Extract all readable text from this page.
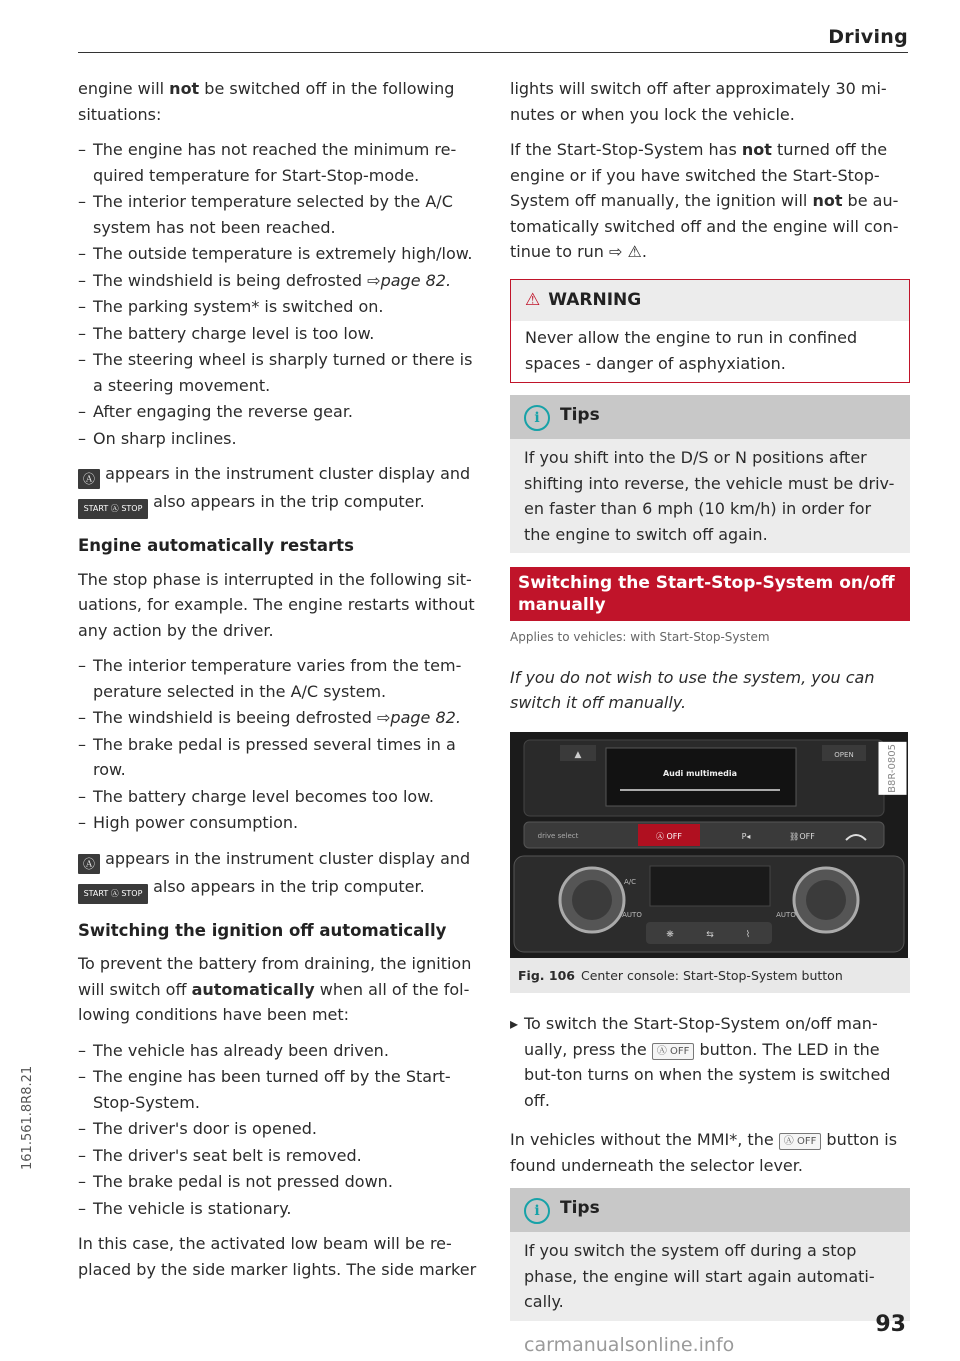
Driving

engine will not be switched off in the following situations:

– The engine has not reached the minimum re-quired temperature for Start-Stop-mode.
– The interior temperature selected by the A/C system has not been reached.
– The outside temperature is extremely high/low.
– The windshield is being defrosted ⇨page 82.
– The parking system* is switched on.
– The battery charge level is too low.
– The steering wheel is sharply turned or there is a steering movement.
– After engaging the reverse gear.
– On sharp inclines.

Ⓐ appears in the instrument cluster display and
START Ⓐ STOP also appears in the trip computer.

Engine automatically restarts

The stop phase is interrupted in the following sit-uations, for example. The engine restarts without any action by the driver.

– The interior temperature varies from the tem-perature selected in the A/C system.
– The windshield is beeing defrosted ⇨page 82.
– The brake pedal is pressed several times in a row.
– The battery charge level becomes too low.
– High power consumption.

Ⓐ appears in the instrument cluster display and
START Ⓐ STOP also appears in the trip computer.

Switching the ignition off automatically

To prevent the battery from draining, the ignition will switch off automatically when all of the fol-lowing conditions have been met:

– The vehicle has already been driven.
– The engine has been turned off by the Start-Stop-System.
– The driver's door is opened.
– The driver's seat belt is removed.
– The brake pedal is not pressed down.
– The vehicle is stationary.

In this case, the activated low beam will be re-placed by the side marker lights. The side marker

lights will switch off after approximately 30 mi-nutes or when you lock the vehicle.

If the Start-Stop-System has not turned off the engine or if you have switched the Start-Stop-System off manually, the ignition will not be au-tomatically switched off and the engine will con-tinue to run ⇨ ⚠.

⚠ WARNING
Never allow the engine to run in confined spaces - danger of asphyxiation.
i Tips
If you shift into the D/S or N positions after shifting into reverse, the vehicle must be driv-en faster than 6 mph (10 km/h) in order for the engine to switch off again.
Switching the Start-Stop-System on/off manually
Applies to vehicles: with Start-Stop-System

If you do not wish to use the system, you can switch it off manually.

▲	OPEN
Audi multimedia
drive select	Ⓐ OFF	P◂	⛓OFF
A/C
AUTO	AUTO
❋	⇆	⌇
B8R-0805
Fig. 106 Center console: Start-Stop-System button

▸ To switch the Start-Stop-System on/off man-ually, press the Ⓐ OFF button. The LED in the but-ton turns on when the system is switched off.

In vehicles without the MMI*, the Ⓐ OFF button is found underneath the selector lever.

i Tips
If you switch the system off during a stop phase, the engine will start again automati-cally.
93
161.561.8R8.21
carmanualsonline.info
